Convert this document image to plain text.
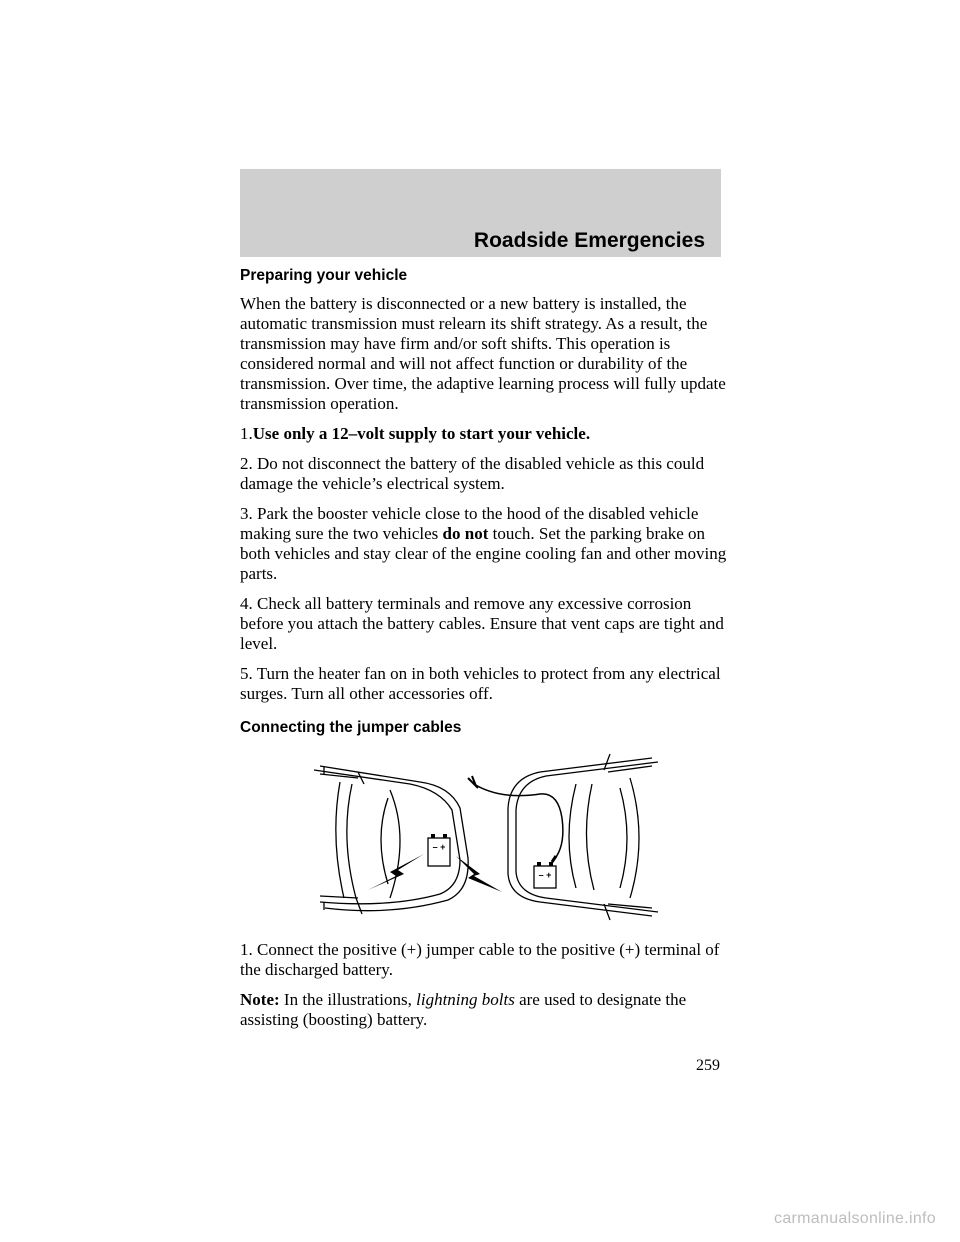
Roadside Emergencies
Preparing your vehicle

When the battery is disconnected or a new battery is installed, the automatic transmission must relearn its shift strategy. As a result, the transmission may have firm and/or soft shifts. This operation is considered normal and will not affect function or durability of the transmission. Over time, the adaptive learning process will fully update transmission operation.

1.Use only a 12–volt supply to start your vehicle.

2. Do not disconnect the battery of the disabled vehicle as this could damage the vehicle’s electrical system.

3. Park the booster vehicle close to the hood of the disabled vehicle making sure the two vehicles do not touch. Set the parking brake on both vehicles and stay clear of the engine cooling fan and other moving parts.

4. Check all battery terminals and remove any excessive corrosion before you attach the battery cables. Ensure that vent caps are tight and level.

5. Turn the heater fan on in both vehicles to protect from any electrical surges. Turn all other accessories off.

Connecting the jumper cables
– +
– +

1. Connect the positive (+) jumper cable to the positive (+) terminal of the discharged battery.

Note: In the illustrations, lightning bolts are used to designate the assisting (boosting) battery.

259
carmanualsonline.info
